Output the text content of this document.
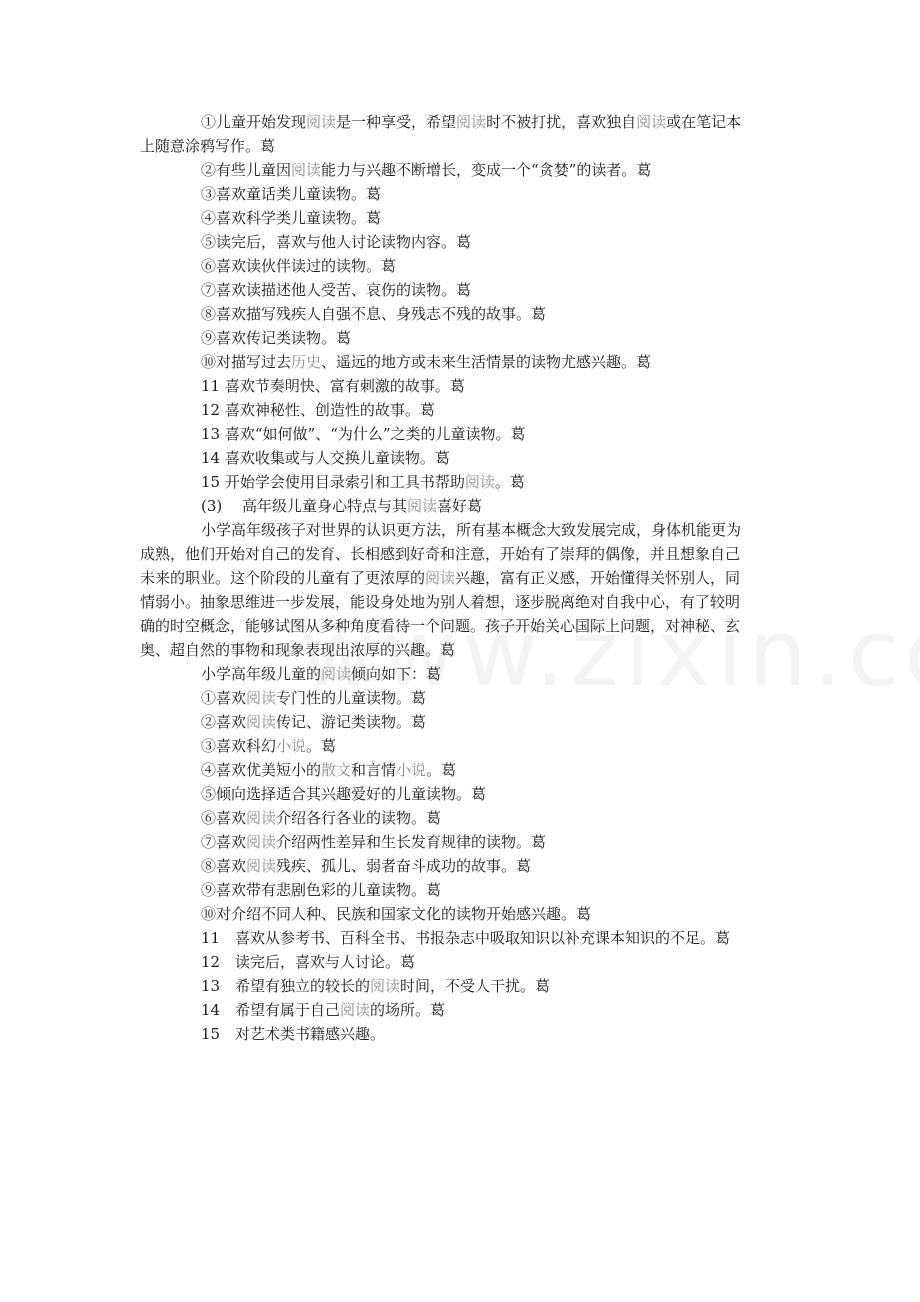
①儿童开始发现阅读是一种享受，希望阅读时不被打扰，喜欢独自阅读或在笔记本
上随意涂鸦写作。葛
②有些儿童因阅读能力与兴趣不断增长，变成一个“贪婪”的读者。葛
③喜欢童话类儿童读物。葛
④喜欢科学类儿童读物。葛
⑤读完后，喜欢与他人讨论读物内容。葛
⑥喜欢读伙伴读过的读物。葛
⑦喜欢读描述他人受苦、哀伤的读物。葛
⑧喜欢描写残疾人自强不息、身残志不残的故事。葛
⑨喜欢传记类读物。葛
⑩对描写过去历史、遥远的地方或未来生活情景的读物尤感兴趣。葛
11 喜欢节奏明快、富有刺激的故事。葛
12 喜欢神秘性、创造性的故事。葛
13 喜欢“如何做”、“为什么”之类的儿童读物。葛
14 喜欢收集或与人交换儿童读物。葛
15 开始学会使用目录索引和工具书帮助阅读。葛
(3)　 高年级儿童身心特点与其阅读喜好葛
小学高年级孩子对世界的认识更方法，所有基本概念大致发展完成，身体机能更为
成熟，他们开始对自己的发育、长相感到好奇和注意，开始有了崇拜的偶像，并且想象自己
未来的职业。这个阶段的儿童有了更浓厚的阅读兴趣，富有正义感，开始懂得关怀别人，同
情弱小。抽象思维进一步发展，能设身处地为别人着想，逐步脱离绝对自我中心，有了较明
确的时空概念，能够试图从多种角度看待一个问题。孩子开始关心国际上问题，对神秘、玄
奥、超自然的事物和现象表现出浓厚的兴趣。葛
小学高年级儿童的阅读倾向如下：葛
①喜欢阅读专门性的儿童读物。葛
②喜欢阅读传记、游记类读物。葛
③喜欢科幻小说。葛
④喜欢优美短小的散文和言情小说。葛
⑤倾向选择适合其兴趣爱好的儿童读物。葛
⑥喜欢阅读介绍各行各业的读物。葛
⑦喜欢阅读介绍两性差异和生长发育规律的读物。葛
⑧喜欢阅读残疾、孤儿、弱者奋斗成功的故事。葛
⑨喜欢带有悲剧色彩的儿童读物。葛
⑩对介绍不同人种、民族和国家文化的读物开始感兴趣。葛
11 喜欢从参考书、百科全书、书报杂志中吸取知识以补充课本知识的不足。葛
12 读完后，喜欢与人讨论。葛
13 希望有独立的较长的阅读时间，不受人干扰。葛
14 希望有属于自己阅读的场所。葛
15 对艺术类书籍感兴趣。
